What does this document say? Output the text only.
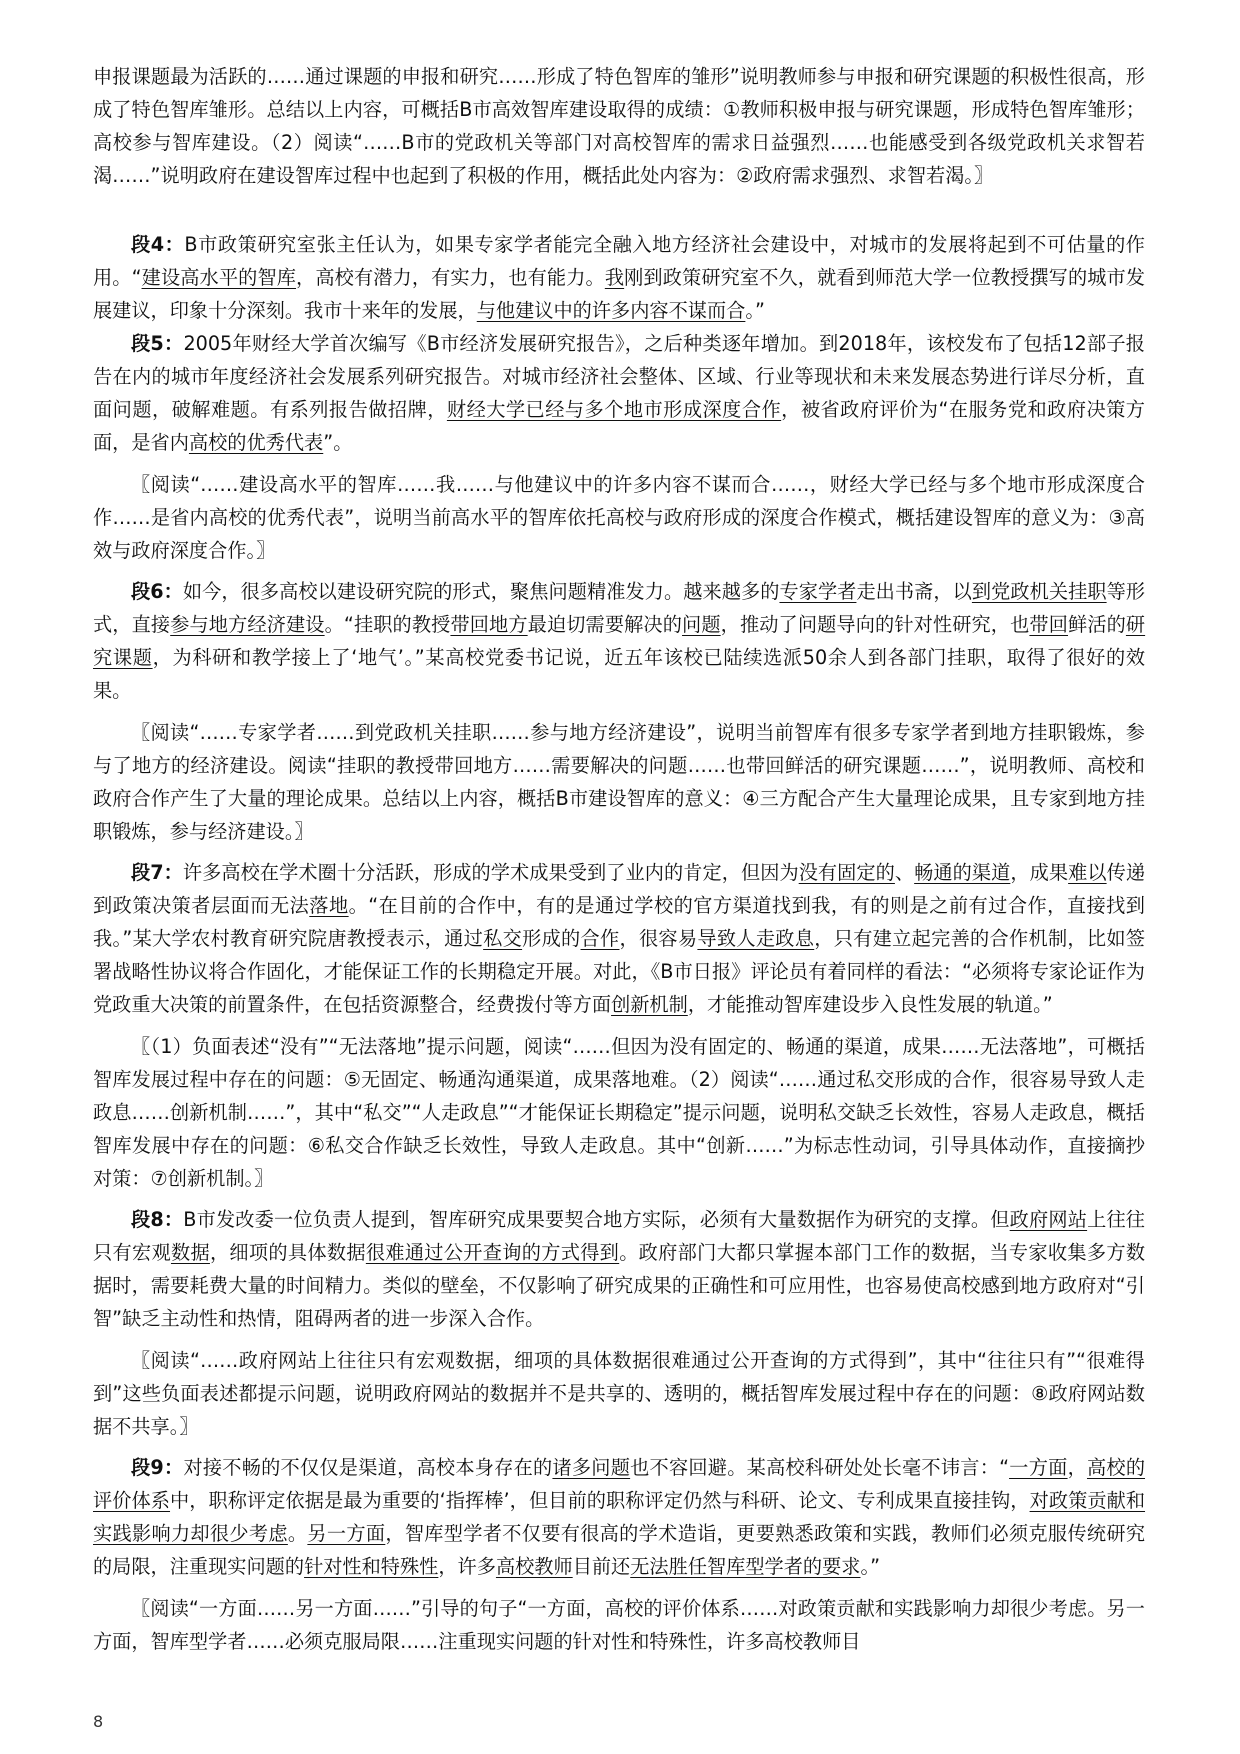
申报课题最为活跃的……通过课题的申报和研究……形成了特色智库的雏形”说明教师参与申报和研究课题的积极性很高，形成了特色智库雏形。总结以上内容，可概括B市高效智库建设取得的成绩：①教师积极申报与研究课题，形成特色智库雏形；高校参与智库建设。（2）阅读“……B市的党政机关等部门对高校智库的需求日益强烈……也能感受到各级党政机关求智若渴……”说明政府在建设智库过程中也起到了积极的作用，概括此处内容为：②政府需求强烈、求智若渴。〗

段4：B市政策研究室张主任认为，如果专家学者能完全融入地方经济社会建设中，对城市的发展将起到不可估量的作用。“建设高水平的智库，高校有潜力，有实力，也有能力。我刚到政策研究室不久，就看到师范大学一位教授撰写的城市发展建议，印象十分深刻。我市十来年的发展，与他建议中的许多内容不谋而合。”

段5：2005年财经大学首次编写《B市经济发展研究报告》，之后种类逐年增加。到2018年，该校发布了包括12部子报告在内的城市年度经济社会发展系列研究报告。对城市经济社会整体、区域、行业等现状和未来发展态势进行详尽分析，直面问题，破解难题。有系列报告做招牌，财经大学已经与多个地市形成深度合作，被省政府评价为“在服务党和政府决策方面，是省内高校的优秀代表”。

〖阅读“……建设高水平的智库……我……与他建议中的许多内容不谋而合……，财经大学已经与多个地市形成深度合作……是省内高校的优秀代表”，说明当前高水平的智库依托高校与政府形成的深度合作模式，概括建设智库的意义为：③高效与政府深度合作。〗

段6：如今，很多高校以建设研究院的形式，聚焦问题精准发力。越来越多的专家学者走出书斋，以到党政机关挂职等形式，直接参与地方经济建设。“挂职的教授带回地方最迫切需要解决的问题，推动了问题导向的针对性研究，也带回鲜活的研究课题，为科研和教学接上了‘地气’。”某高校党委书记说，近五年该校已陆续选派50余人到各部门挂职，取得了很好的效果。

〖阅读“……专家学者……到党政机关挂职……参与地方经济建设”，说明当前智库有很多专家学者到地方挂职锻炼，参与了地方的经济建设。阅读“挂职的教授带回地方……需要解决的问题……也带回鲜活的研究课题……”，说明教师、高校和政府合作产生了大量的理论成果。总结以上内容，概括B市建设智库的意义：④三方配合产生大量理论成果，且专家到地方挂职锻炼，参与经济建设。〗

段7：许多高校在学术圈十分活跃，形成的学术成果受到了业内的肯定，但因为没有固定的、畅通的渠道，成果难以传递到政策决策者层面而无法落地。“在目前的合作中，有的是通过学校的官方渠道找到我，有的则是之前有过合作，直接找到我。”某大学农村教育研究院唐教授表示，通过私交形成的合作，很容易导致人走政息，只有建立起完善的合作机制，比如签署战略性协议将合作固化，才能保证工作的长期稳定开展。对此，《B市日报》评论员有着同样的看法：“必须将专家论证作为党政重大决策的前置条件，在包括资源整合，经费拨付等方面创新机制，才能推动智库建设步入良性发展的轨道。”

〖（1）负面表述“没有”“无法落地”提示问题，阅读“……但因为没有固定的、畅通的渠道，成果……无法落地”，可概括智库发展过程中存在的问题：⑤无固定、畅通沟通渠道，成果落地难。（2）阅读“……通过私交形成的合作，很容易导致人走政息……创新机制……”，其中“私交”“人走政息”“才能保证长期稳定”提示问题，说明私交缺乏长效性，容易人走政息，概括智库发展中存在的问题：⑥私交合作缺乏长效性，导致人走政息。其中“创新……”为标志性动词，引导具体动作，直接摘抄对策：⑦创新机制。〗

段8：B市发改委一位负责人提到，智库研究成果要契合地方实际，必须有大量数据作为研究的支撑。但政府网站上往往只有宏观数据，细项的具体数据很难通过公开查询的方式得到。政府部门大都只掌握本部门工作的数据，当专家收集多方数据时，需要耗费大量的时间精力。类似的壁垒，不仅影响了研究成果的正确性和可应用性，也容易使高校感到地方政府对“引智”缺乏主动性和热情，阻碍两者的进一步深入合作。

〖阅读“……政府网站上往往只有宏观数据，细项的具体数据很难通过公开查询的方式得到”，其中“往往只有”“很难得到”这些负面表述都提示问题，说明政府网站的数据并不是共享的、透明的，概括智库发展过程中存在的问题：⑧政府网站数据不共享。〗

段9：对接不畅的不仅仅是渠道，高校本身存在的诸多问题也不容回避。某高校科研处处长毫不讳言：“一方面，高校的评价体系中，职称评定依据是最为重要的‘指挥棒’，但目前的职称评定仍然与科研、论文、专利成果直接挂钩，对政策贡献和实践影响力却很少考虑。另一方面，智库型学者不仅要有很高的学术造诣，更要熟悉政策和实践，教师们必须克服传统研究的局限，注重现实问题的针对性和特殊性，许多高校教师目前还无法胜任智库型学者的要求。”

〖阅读“一方面……另一方面……”引导的句子“一方面，高校的评价体系……对政策贡献和实践影响力却很少考虑。另一方面，智库型学者……必须克服局限……注重现实问题的针对性和特殊性，许多高校教师目

8
